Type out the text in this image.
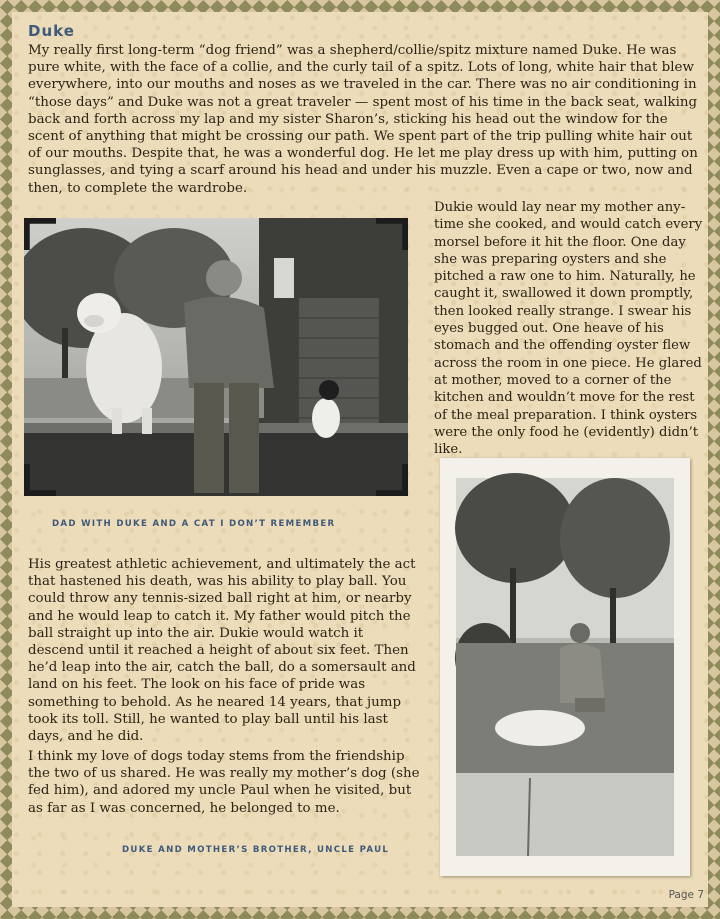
Duke

My really first long-term “dog friend” was a shepherd/collie/spitz mixture named Duke. He was pure white, with the face of a collie, and the curly tail of a spitz. Lots of long, white hair that blew everywhere, into our mouths and noses as we traveled in the car. There was no air conditioning in “those days” and Duke was not a great traveler — spent most of his time in the back seat, walking back and forth across my lap and my sister Sharon’s, sticking his head out the window for the scent of anything that might be crossing our path. We spent part of the trip pulling white hair out of our mouths. Despite that, he was a wonderful dog. He let me play dress up with him, putting on sunglasses, and tying a scarf around his head and under his muzzle. Even a cape or two, now and then, to complete the wardrobe.

Dukie would lay near my mother any-time she cooked, and would catch every morsel before it hit the floor. One day she was preparing oysters and she pitched a raw one to him. Naturally, he caught it, swallowed it down promptly, then looked really strange. I swear his eyes bugged out. One heave of his stomach and the offending oyster flew across the room in one piece. He glared at mother, moved to a corner of the kitchen and wouldn’t move for the rest of the meal preparation. I think oysters were the only food he (evidently) didn’t like.

DAD WITH DUKE AND A CAT I DON’T REMEMBER

His greatest athletic achievement, and ultimately the act that hastened his death, was his ability to play ball. You could throw any tennis-sized ball right at him, or nearby and he would leap to catch it. My father would pitch the ball straight up into the air. Dukie would watch it descend until it reached a height of about six feet. Then he’d leap into the air, catch the ball, do a somersault and land on his feet. The look on his face of pride was something to behold. As he neared 14 years, that jump took its toll. Still, he wanted to play ball until his last days, and he did.

I think my love of dogs today stems from the friendship the two of us shared. He was really my mother’s dog (she fed him), and adored my uncle Paul when he visited, but as far as I was concerned, he belonged to me.

DUKE AND MOTHER’S BROTHER, UNCLE PAUL

Page 7
